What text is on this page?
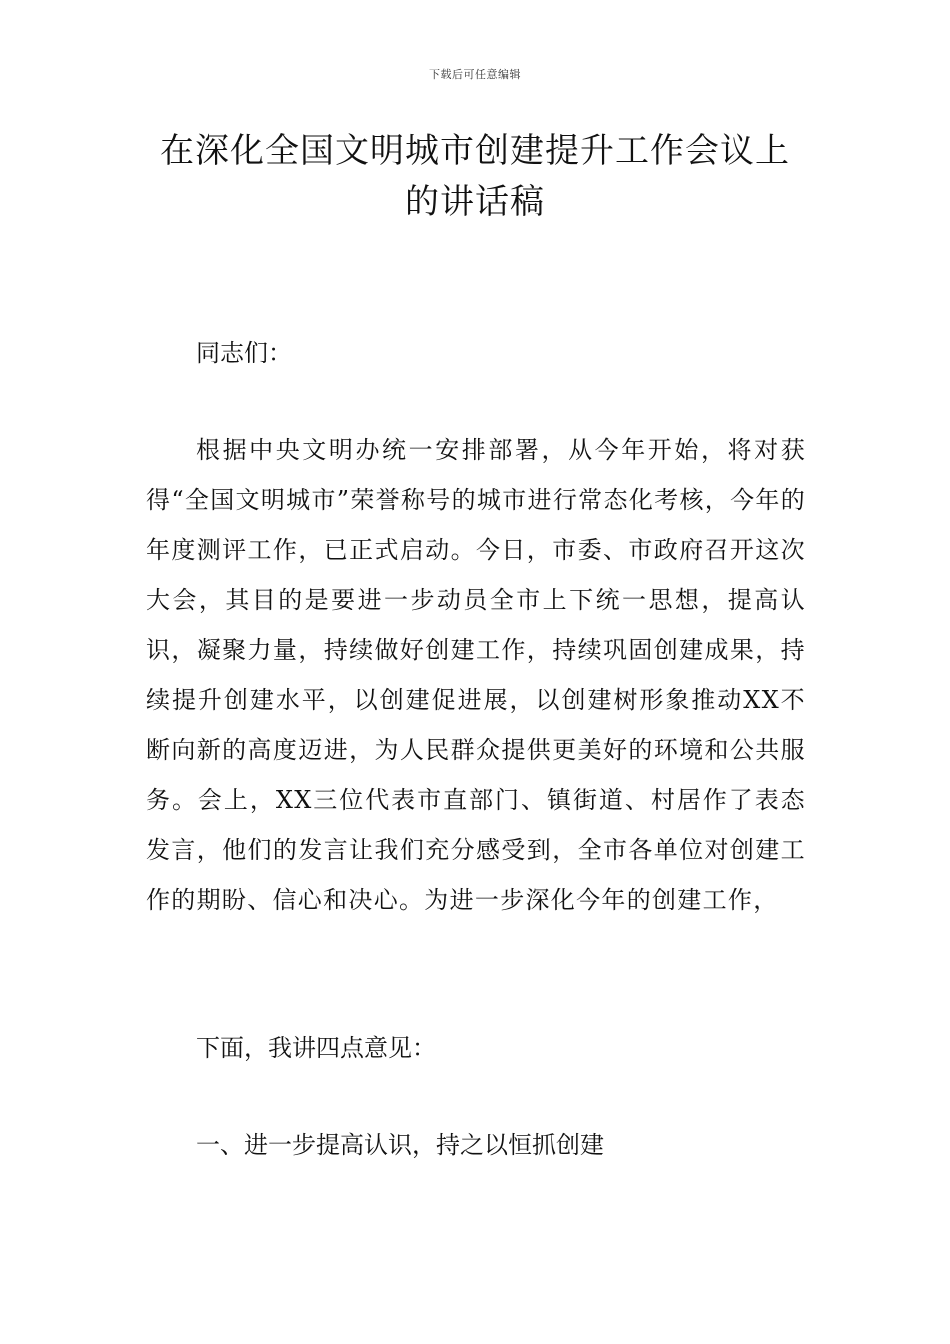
下载后可任意编辑
在深化全国文明城市创建提升工作会议上的讲话稿
同志们：
根据中央文明办统一安排部署，从今年开始，将对获得“全国文明城市”荣誉称号的城市进行常态化考核，今年的年度测评工作，已正式启动。今日，市委、市政府召开这次大会，其目的是要进一步动员全市上下统一思想，提高认识，凝聚力量，持续做好创建工作，持续巩固创建成果，持续提升创建水平，以创建促进展，以创建树形象推动XX不断向新的高度迈进，为人民群众提供更美好的环境和公共服务。会上，XX三位代表市直部门、镇街道、村居作了表态发言，他们的发言让我们充分感受到，全市各单位对创建工作的期盼、信心和决心。为进一步深化今年的创建工作，
下面，我讲四点意见：
一、进一步提高认识，持之以恒抓创建
